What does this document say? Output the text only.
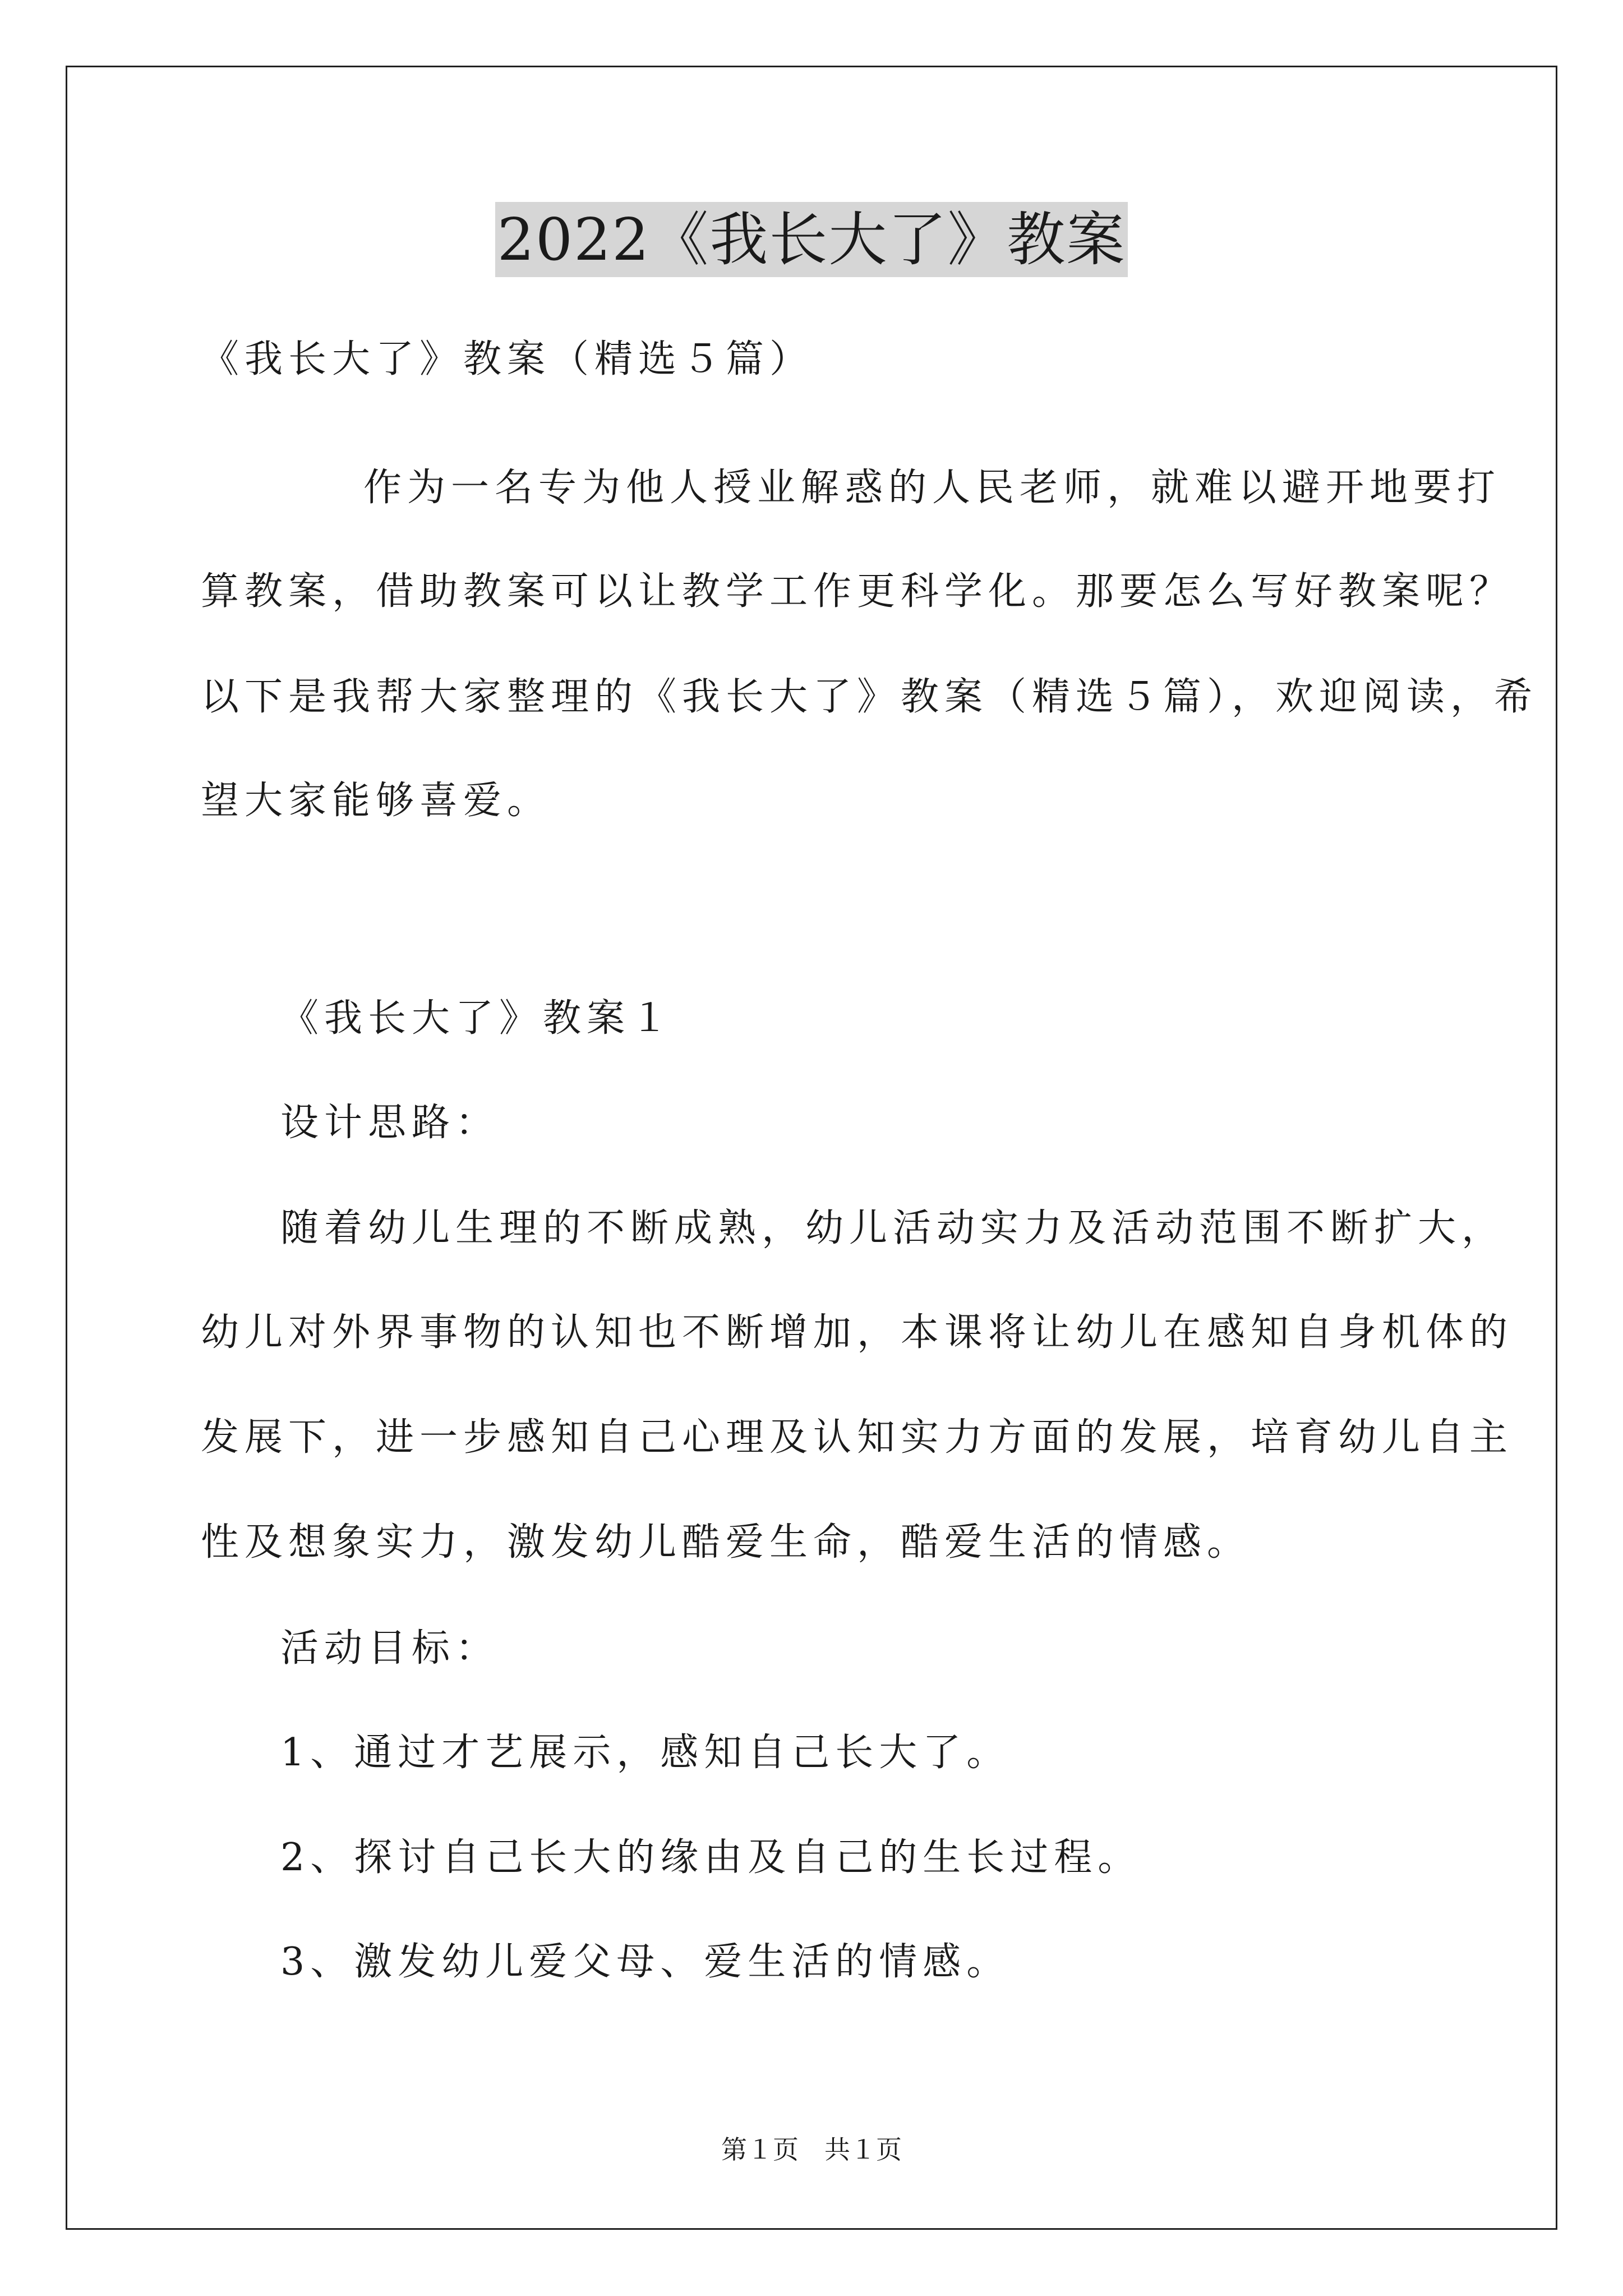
2022《我长大了》教案
《我长大了》教案（精选５篇）
作为一名专为他人授业解惑的人民老师，就难以避开地要打
算教案，借助教案可以让教学工作更科学化。那要怎么写好教案呢？
以下是我帮大家整理的《我长大了》教案（精选５篇），欢迎阅读，希
望大家能够喜爱。
《我长大了》教案１
设计思路：
随着幼儿生理的不断成熟，幼儿活动实力及活动范围不断扩大，
幼儿对外界事物的认知也不断增加，本课将让幼儿在感知自身机体的
发展下，进一步感知自己心理及认知实力方面的发展，培育幼儿自主
性及想象实力，激发幼儿酷爱生命，酷爱生活的情感。
活动目标：
1、通过才艺展示，感知自己长大了。
2、探讨自己长大的缘由及自己的生长过程。
3、激发幼儿爱父母、爱生活的情感。
第１页　共１页
